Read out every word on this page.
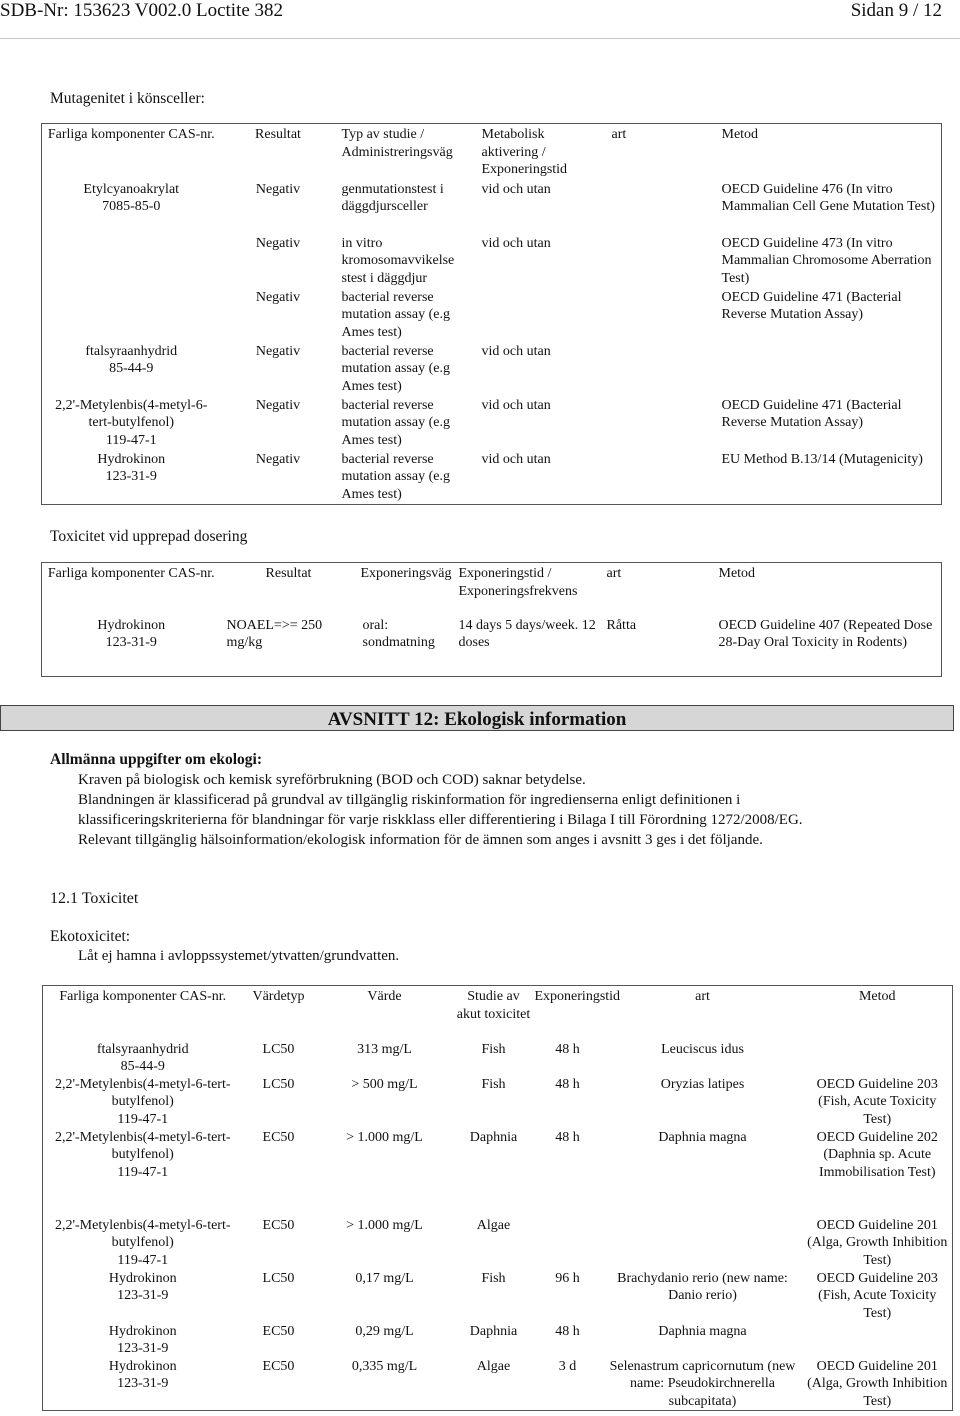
SDB-Nr: 153623 V002.0 Loctite 382	Sidan 9 / 12
Mutagenitet i könsceller:
Farliga komponenter CAS-nr.	Resultat	Typ av studie / Administreringsväg	Metabolisk aktivering / Exponeringstid	art	Metod

Etylcyanoakrylat
7085-85-0	Negativ	genmutationstest i däggdjursceller	vid och utan		OECD Guideline 476 (In vitro Mammalian Cell Gene Mutation Test)
	Negativ	in vitro kromosomavvikelse stest i däggdjur	vid och utan		OECD Guideline 473 (In vitro Mammalian Chromosome Aberration Test)
	Negativ	bacterial reverse mutation assay (e.g Ames test)			OECD Guideline 471 (Bacterial Reverse Mutation Assay)

ftalsyraanhydrid
85-44-9	Negativ	bacterial reverse mutation assay (e.g Ames test)	vid och utan		

2,2'-Metylenbis(4-metyl-6-tert-butylfenol)
119-47-1	Negativ	bacterial reverse mutation assay (e.g Ames test)	vid och utan		OECD Guideline 471 (Bacterial Reverse Mutation Assay)

Hydrokinon
123-31-9	Negativ	bacterial reverse mutation assay (e.g Ames test)	vid och utan		EU Method B.13/14 (Mutagenicity)
Toxicitet vid upprepad dosering
Farliga komponenter CAS-nr.	Resultat	Exponeringsväg	Exponeringstid / Exponeringsfrekvens	art	Metod

Hydrokinon
123-31-9	NOAEL=>= 250 mg/kg	oral: sondmatning	14 days 5 days/week. 12 doses	Råtta	OECD Guideline 407 (Repeated Dose 28-Day Oral Toxicity in Rodents)
AVSNITT 12: Ekologisk information
Allmänna uppgifter om ekologi:
Kraven på biologisk och kemisk syreförbrukning (BOD och COD) saknar betydelse.
Blandningen är klassificerad på grundval av tillgänglig riskinformation för ingredienserna enligt definitionen i
klassificeringskriterierna för blandningar för varje riskklass eller differentiering i Bilaga I till Förordning 1272/2008/EG.
Relevant tillgänglig hälsoinformation/ekologisk information för de ämnen som anges i avsnitt 3 ges i det följande.
12.1 Toxicitet
Ekotoxicitet:
Låt ej hamna i avloppssystemet/ytvatten/grundvatten.
Farliga komponenter CAS-nr.	Värdetyp	Värde	Studie av akut toxicitet	Exponeringstid	art	Metod

ftalsyraanhydrid
85-44-9	LC50	313 mg/L	Fish	48 h	Leuciscus idus	

2,2'-Metylenbis(4-metyl-6-tert-butylfenol)
119-47-1	LC50	> 500 mg/L	Fish	48 h	Oryzias latipes	OECD Guideline 203 (Fish, Acute Toxicity Test)

2,2'-Metylenbis(4-metyl-6-tert-butylfenol)
119-47-1	EC50	> 1.000 mg/L	Daphnia	48 h	Daphnia magna	OECD Guideline 202 (Daphnia sp. Acute Immobilisation Test)

2,2'-Metylenbis(4-metyl-6-tert-butylfenol)
119-47-1	EC50	> 1.000 mg/L	Algae			OECD Guideline 201 (Alga, Growth Inhibition Test)

Hydrokinon
123-31-9	LC50	0,17 mg/L	Fish	96 h	Brachydanio rerio (new name: Danio rerio)	OECD Guideline 203 (Fish, Acute Toxicity Test)

Hydrokinon
123-31-9	EC50	0,29 mg/L	Daphnia	48 h	Daphnia magna	

Hydrokinon
123-31-9	EC50	0,335 mg/L	Algae	3 d	Selenastrum capricornutum (new name: Pseudokirchnerella subcapitata)	OECD Guideline 201 (Alga, Growth Inhibition Test)
